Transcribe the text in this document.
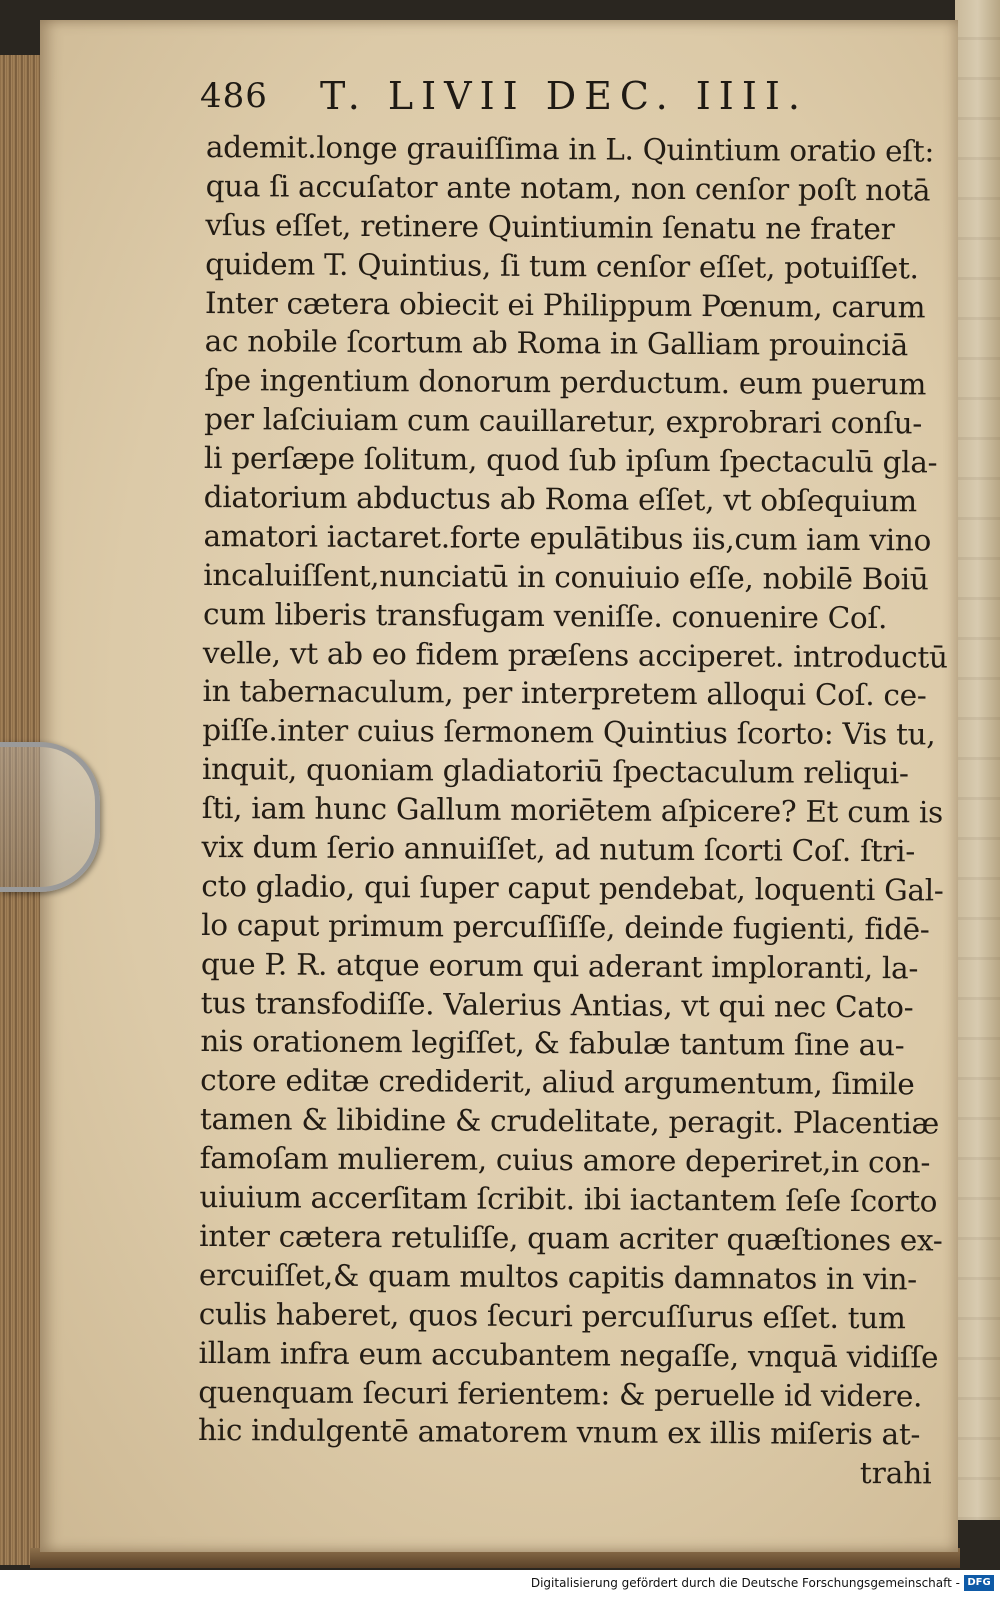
486 T. LIVII DEC. IIII.
ademit.longe grauiſſima in L. Quintium oratio eſt:
qua ſi accuſator ante notam, non cenſor poſt notā
vſus eſſet, retinere Quintiumin ſenatu ne frater
quidem T. Quintius, ſi tum cenſor eſſet, potuiſſet.
Inter cætera obiecit ei Philippum Pœnum, carum
ac nobile ſcortum ab Roma in Galliam prouinciā
ſpe ingentium donorum perductum. eum puerum
per laſciuiam cum cauillaretur, exprobrari conſu-
li perſæpe ſolitum, quod ſub ipſum ſpectaculū gla-
diatorium abductus ab Roma eſſet, vt obſequium
amatori iactaret.forte epulātibus iis,cum iam vino
incaluiſſent,nunciatū in conuiuio eſſe, nobilē Boiū
cum liberis transfugam veniſſe. conuenire Coſ.
velle, vt ab eo fidem præſens acciperet. introductū
in tabernaculum, per interpretem alloqui Coſ. ce-
piſſe.inter cuius ſermonem Quintius ſcorto: Vis tu,
inquit, quoniam gladiatoriū ſpectaculum reliqui-
ſti, iam hunc Gallum moriētem aſpicere? Et cum is
vix dum ſerio annuiſſet, ad nutum ſcorti Coſ. ſtri-
cto gladio, qui ſuper caput pendebat, loquenti Gal-
lo caput primum percuſſiſſe, deinde fugienti, fidē-
que P. R. atque eorum qui aderant imploranti, la-
tus transfodiſſe. Valerius Antias, vt qui nec Cato-
nis orationem legiſſet, & fabulæ tantum ſine au-
ctore editæ crediderit, aliud argumentum, ſimile
tamen & libidine & crudelitate, peragit. Placentiæ
famoſam mulierem, cuius amore deperiret,in con-
uiuium accerſitam ſcribit. ibi iactantem ſeſe ſcorto
inter cætera retuliſſe, quam acriter quæſtiones ex-
ercuiſſet,& quam multos capitis damnatos in vin-
culis haberet, quos ſecuri percuſſurus eſſet. tum
illam infra eum accubantem negaſſe, vnquā vidiſſe
quenquam ſecuri ferientem: & peruelle id videre.
hic indulgentē amatorem vnum ex illis miſeris at-
trahi
Digitalisierung gefördert durch die Deutsche Forschungsgemeinschaft - DFG
